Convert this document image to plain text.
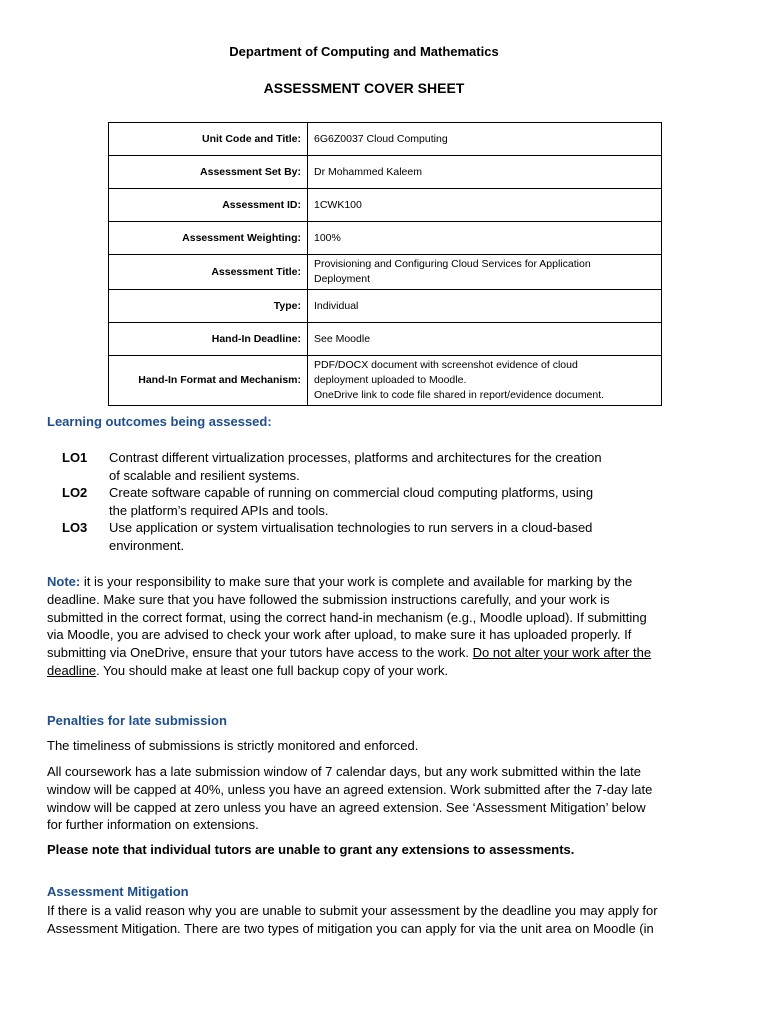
Department of Computing and Mathematics
ASSESSMENT COVER SHEET
Unit Code and Title:	6G6Z0037 Cloud Computing
Assessment Set By:	Dr Mohammed Kaleem
Assessment ID:	1CWK100
Assessment Weighting:	100%
Assessment Title:	Provisioning and Configuring Cloud Services for Application
Deployment

Type:	Individual
Hand-In Deadline:	See Moodle
Hand-In Format and Mechanism:	PDF/DOCX document with screenshot evidence of cloud
deployment uploaded to Moodle.
OneDrive link to code file shared in report/evidence document.
Learning outcomes being assessed:
LO1	Contrast different virtualization processes, platforms and architectures for the creation
of scalable and resilient systems.
LO2	Create software capable of running on commercial cloud computing platforms, using
the platform’s required APIs and tools.
LO3	Use application or system virtualisation technologies to run servers in a cloud-based
environment.
Note: it is your responsibility to make sure that your work is complete and available for marking by the
deadline. Make sure that you have followed the submission instructions carefully, and your work is
submitted in the correct format, using the correct hand-in mechanism (e.g., Moodle upload). If submitting
via Moodle, you are advised to check your work after upload, to make sure it has uploaded properly. If
submitting via OneDrive, ensure that your tutors have access to the work. Do not alter your work after the
deadline. You should make at least one full backup copy of your work.
Penalties for late submission
The timeliness of submissions is strictly monitored and enforced.
All coursework has a late submission window of 7 calendar days, but any work submitted within the late
window will be capped at 40%, unless you have an agreed extension. Work submitted after the 7-day late
window will be capped at zero unless you have an agreed extension. See ‘Assessment Mitigation’ below
for further information on extensions.
Please note that individual tutors are unable to grant any extensions to assessments.
Assessment Mitigation
If there is a valid reason why you are unable to submit your assessment by the deadline you may apply for
Assessment Mitigation. There are two types of mitigation you can apply for via the unit area on Moodle (in
